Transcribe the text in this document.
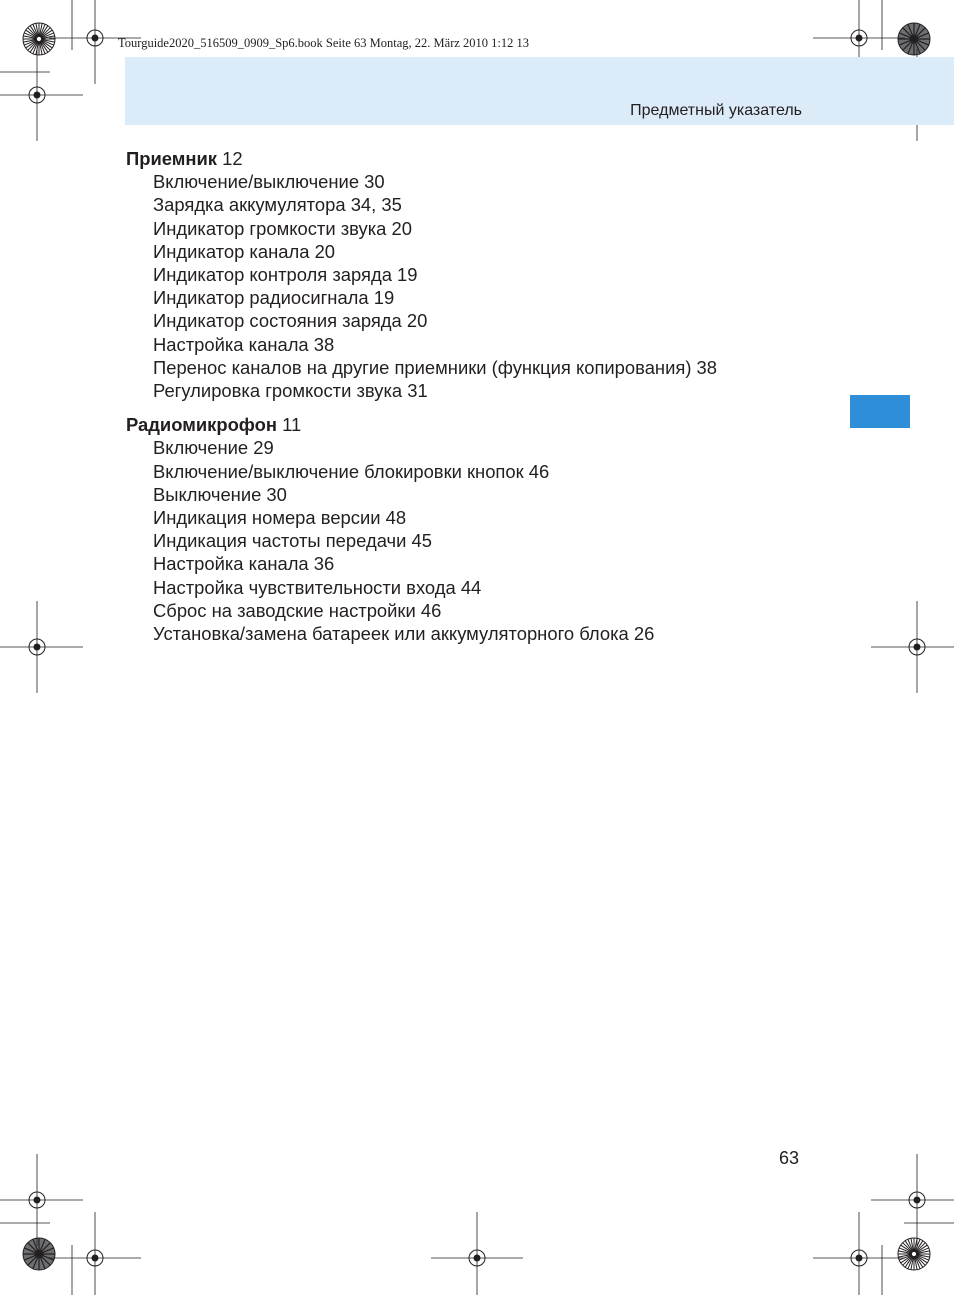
Tourguide2020_516509_0909_Sp6.book Seite 63 Montag, 22. März 2010 1:12 13
Предметный указатель
Приемник 12
Включение/выключение 30
Зарядка аккумулятора 34, 35
Индикатор громкости звука 20
Индикатор канала 20
Индикатор контроля заряда 19
Индикатор радиосигнала 19
Индикатор состояния заряда 20
Настройка канала 38
Перенос каналов на другие приемники (функция копирования) 38
Регулировка громкости звука 31
Радиомикрофон 11
Включение 29
Включение/выключение блокировки кнопок 46
Выключение 30
Индикация номера версии 48
Индикация частоты передачи 45
Настройка канала 36
Настройка чувствительности входа 44
Сброс на заводские настройки 46
Установка/замена батареек или аккумуляторного блока 26
63
